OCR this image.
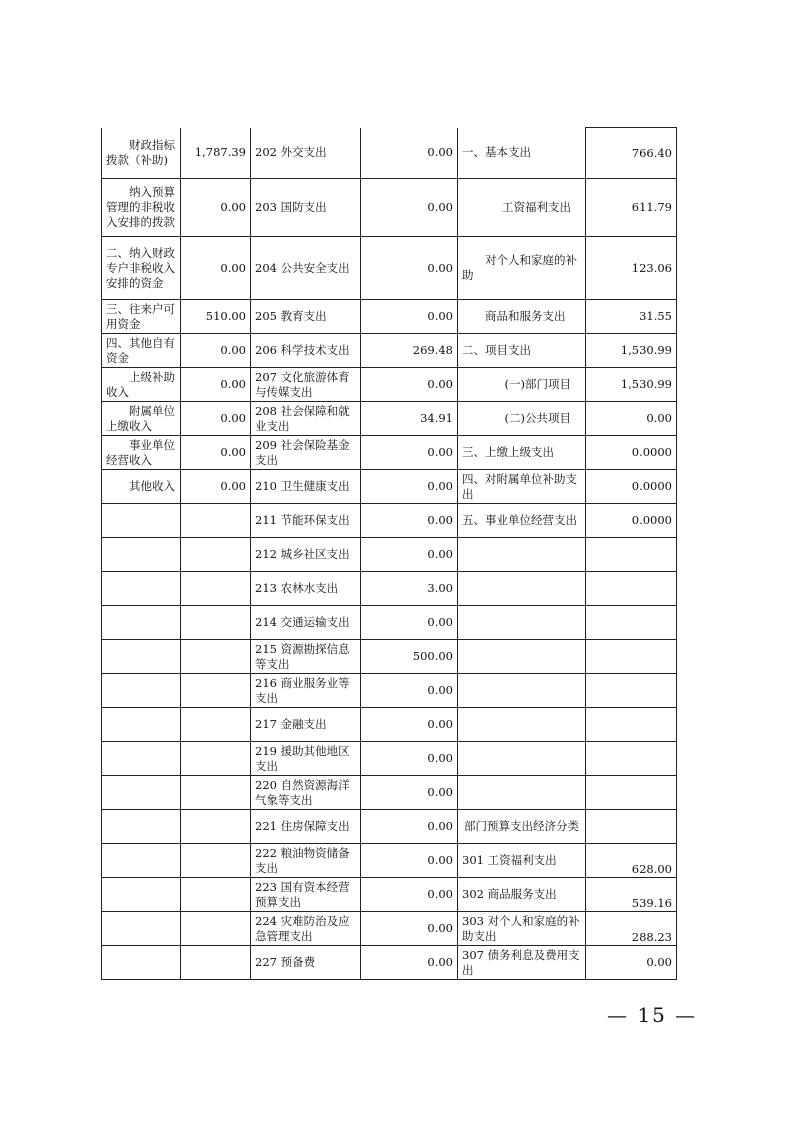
财政指标拨款（补助)	1,787.39	202 外交支出	0.00	一、基本支出	766.40
纳入预算管理的非税收入安排的拨款	0.00	203 国防支出	0.00	工资福利支出	611.79
二、纳入财政专户非税收入安排的资金	0.00	204 公共安全支出	0.00	对个人和家庭的补助	123.06
三、往来户可用资金	510.00	205 教育支出	0.00	商品和服务支出	31.55
四、其他自有资金	0.00	206 科学技术支出	269.48	二、项目支出	1,530.99
上级补助收入	0.00	207 文化旅游体育与传媒支出	0.00	(一)部门项目	1,530.99
附属单位上缴收入	0.00	208 社会保障和就业支出	34.91	(二)公共项目	0.00
事业单位经营收入	0.00	209 社会保险基金支出	0.00	三、上缴上级支出	0.0000
其他收入	0.00	210 卫生健康支出	0.00	四、对附属单位补助支出	0.0000
		211 节能环保支出	0.00	五、事业单位经营支出	0.0000
		212 城乡社区支出	0.00		
		213 农林水支出	3.00		
		214 交通运输支出	0.00		
		215 资源勘探信息等支出	500.00		
		216 商业服务业等支出	0.00		
		217 金融支出	0.00		
		219 援助其他地区支出	0.00		
		220 自然资源海洋气象等支出	0.00		
		221 住房保障支出	0.00	部门预算支出经济分类	
		222 粮油物资储备支出	0.00	301 工资福利支出	628.00
		223 国有资本经营预算支出	0.00	302 商品服务支出	539.16
		224 灾难防治及应急管理支出	0.00	303 对个人和家庭的补助支出	288.23
		227 预备费	0.00	307 债务利息及费用支出	0.00
— 15 —
